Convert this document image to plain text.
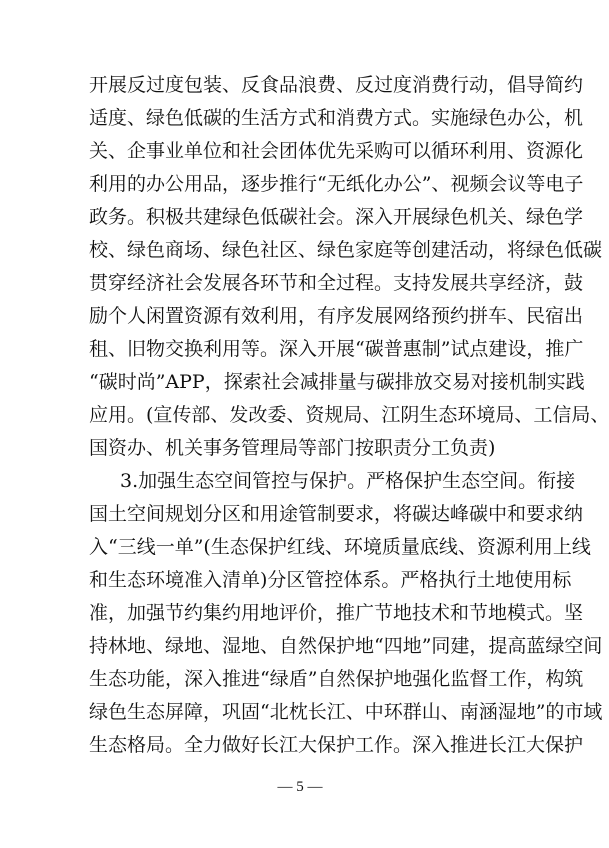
开展反过度包装、反食品浪费、反过度消费行动，倡导简约
适度、绿色低碳的生活方式和消费方式。实施绿色办公，机
关、企事业单位和社会团体优先采购可以循环利用、资源化
利用的办公用品，逐步推行“无纸化办公”、视频会议等电子
政务。积极共建绿色低碳社会。深入开展绿色机关、绿色学
校、绿色商场、绿色社区、绿色家庭等创建活动，将绿色低碳
贯穿经济社会发展各环节和全过程。支持发展共享经济，鼓
励个人闲置资源有效利用，有序发展网络预约拼车、民宿出
租、旧物交换利用等。深入开展“碳普惠制”试点建设，推广
“碳时尚”APP，探索社会减排量与碳排放交易对接机制实践
应用。(宣传部、发改委、资规局、江阴生态环境局、工信局、
国资办、机关事务管理局等部门按职责分工负责)
3.加强生态空间管控与保护。严格保护生态空间。衔接
国土空间规划分区和用途管制要求，将碳达峰碳中和要求纳
入“三线一单”(生态保护红线、环境质量底线、资源利用上线
和生态环境准入清单)分区管控体系。严格执行土地使用标
准，加强节约集约用地评价，推广节地技术和节地模式。坚
持林地、绿地、湿地、自然保护地“四地”同建，提高蓝绿空间
生态功能，深入推进“绿盾”自然保护地强化监督工作，构筑
绿色生态屏障，巩固“北枕长江、中环群山、南涵湿地”的市域
生态格局。全力做好长江大保护工作。深入推进长江大保护
— 5 —
